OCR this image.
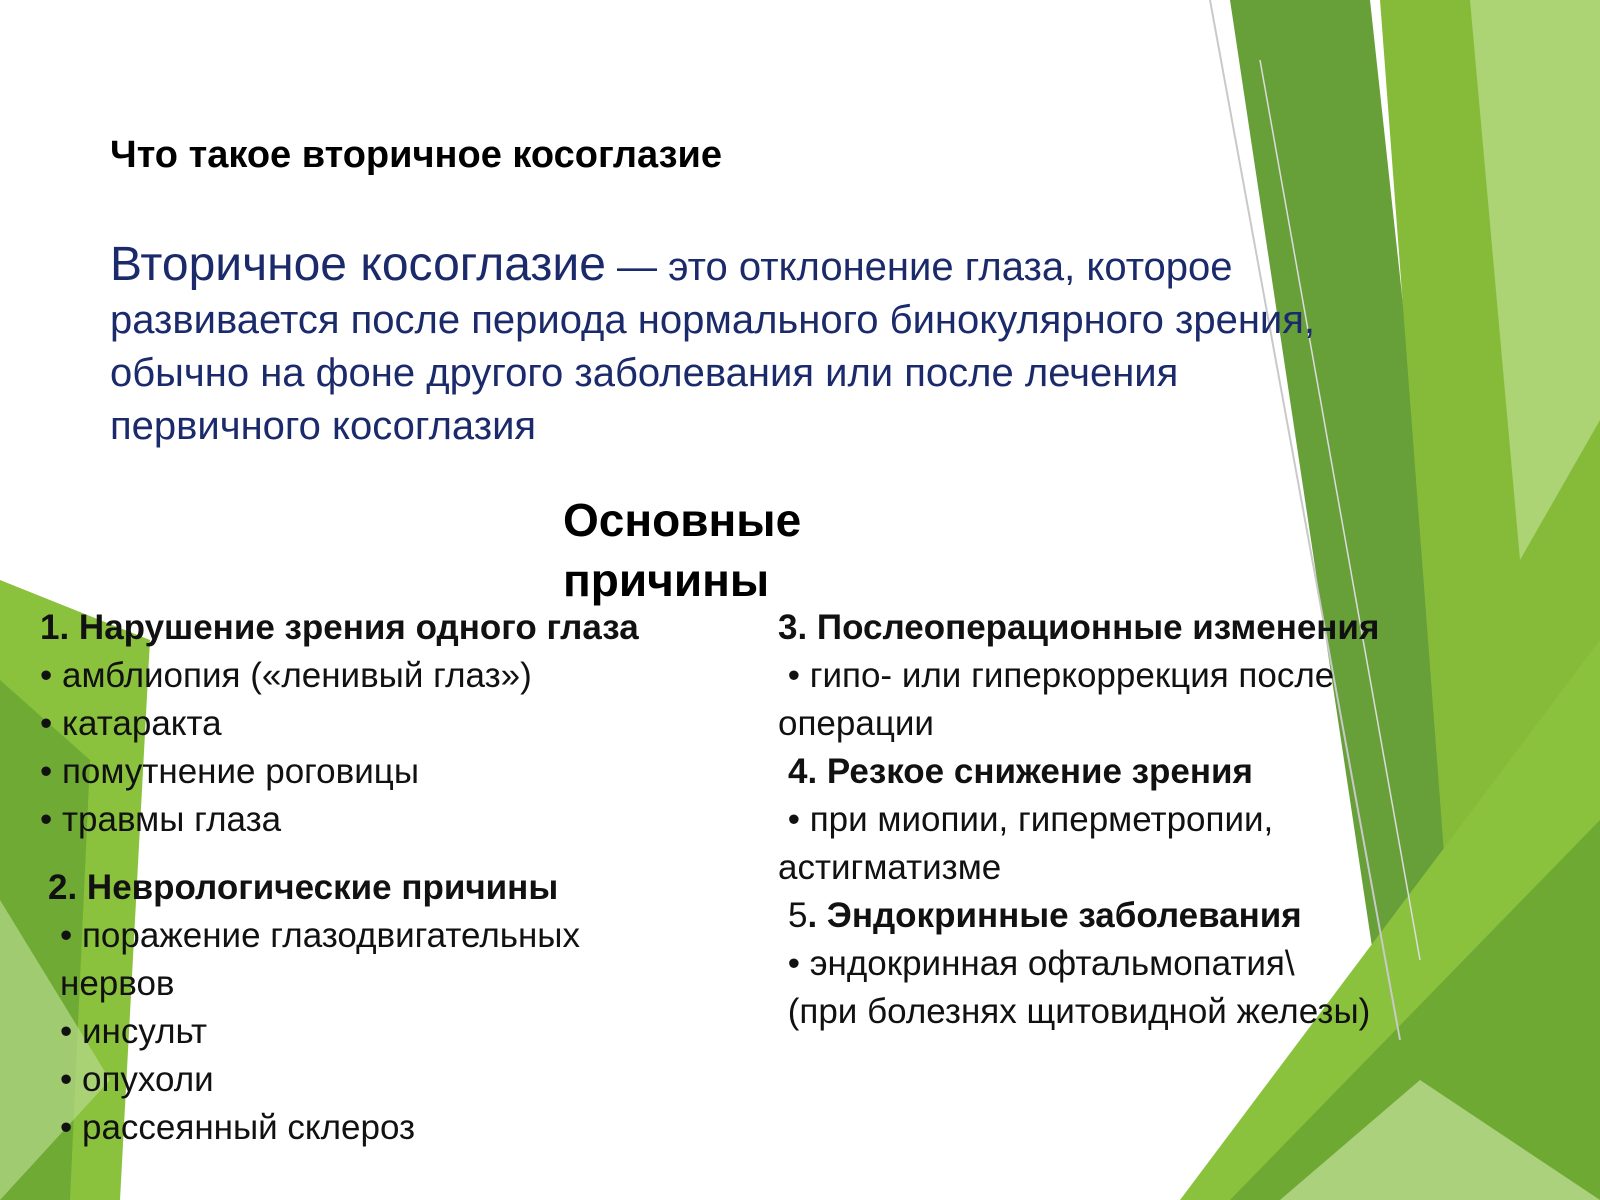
Что такое вторичное косоглазие
Вторичное косоглазие — это отклонение глаза, которое развивается после периода нормального бинокулярного зрения, обычно на фоне другого заболевания или после лечения первичного косоглазия
Основные причины
1. Нарушение зрения одного глаза
• амблиопия («ленивый глаз»)
• катаракта
• помутнение роговицы
• травмы глаза
2. Неврологические причины
• поражение глазодвигательных
нервов
• инсульт
• опухоли
• рассеянный склероз
3. Послеоперационные изменения
• гипо- или гиперкоррекция после
операции
4. Резкое снижение зрения
• при миопии, гиперметропии,
астигматизме
5. Эндокринные заболевания
• эндокринная офтальмопатия\
(при болезнях щитовидной железы)
